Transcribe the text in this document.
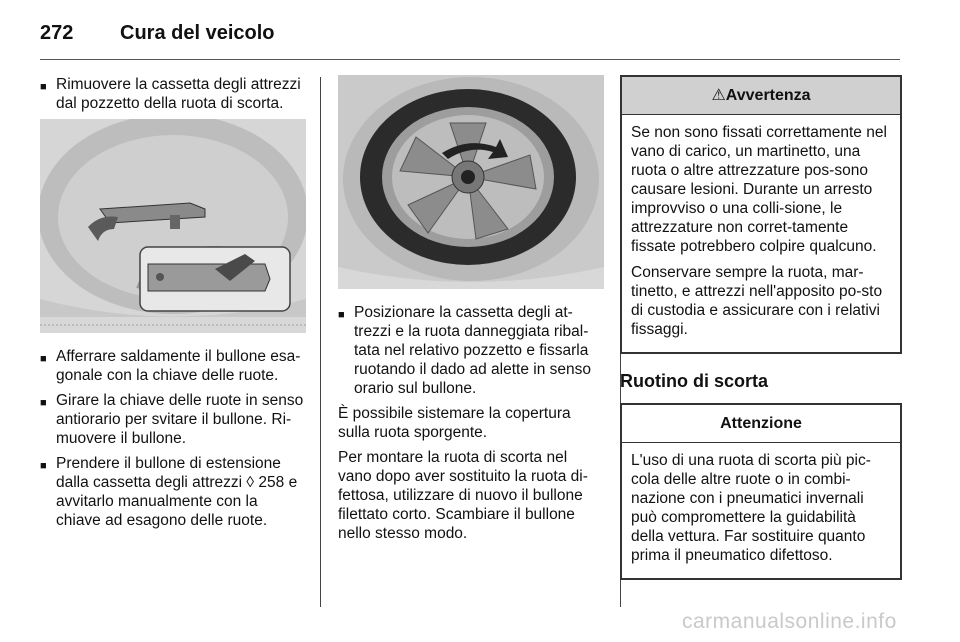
272	Cura del veicolo
■ Rimuovere la cassetta degli attrezzi dal pozzetto della ruota di scorta.
■ Afferrare saldamente il bullone esa-gonale con la chiave delle ruote.
■ Girare la chiave delle ruote in senso antiorario per svitare il bullone. Ri-muovere il bullone.
■ Prendere il bullone di estensione dalla cassetta degli attrezzi ◊ 258 e avvitarlo manualmente con la chiave ad esagono delle ruote.
■ Posizionare la cassetta degli at-trezzi e la ruota danneggiata ribal-tata nel relativo pozzetto e fissarla ruotando il dado ad alette in senso orario sul bullone.

È possibile sistemare la copertura sulla ruota sporgente.

Per montare la ruota di scorta nel vano dopo aver sostituito la ruota di-fettosa, utilizzare di nuovo il bullone filettato corto. Scambiare il bullone nello stesso modo.

⚠Avvertenza

Se non sono fissati correttamente nel vano di carico, un martinetto, una ruota o altre attrezzature pos-sono causare lesioni. Durante un arresto improvviso o una colli-sione, le attrezzature non corret-tamente fissate potrebbero colpire qualcuno.

Conservare sempre la ruota, mar-tinetto, e attrezzi nell'apposito po-sto di custodia e assicurare con i relativi fissaggi.

Ruotino di scorta
Attenzione

L'uso di una ruota di scorta più pic-cola delle altre ruote o in combi-nazione con i pneumatici invernali può compromettere la guidabilità della vettura. Far sostituire quanto prima il pneumatico difettoso.

carmanualsonline.info
